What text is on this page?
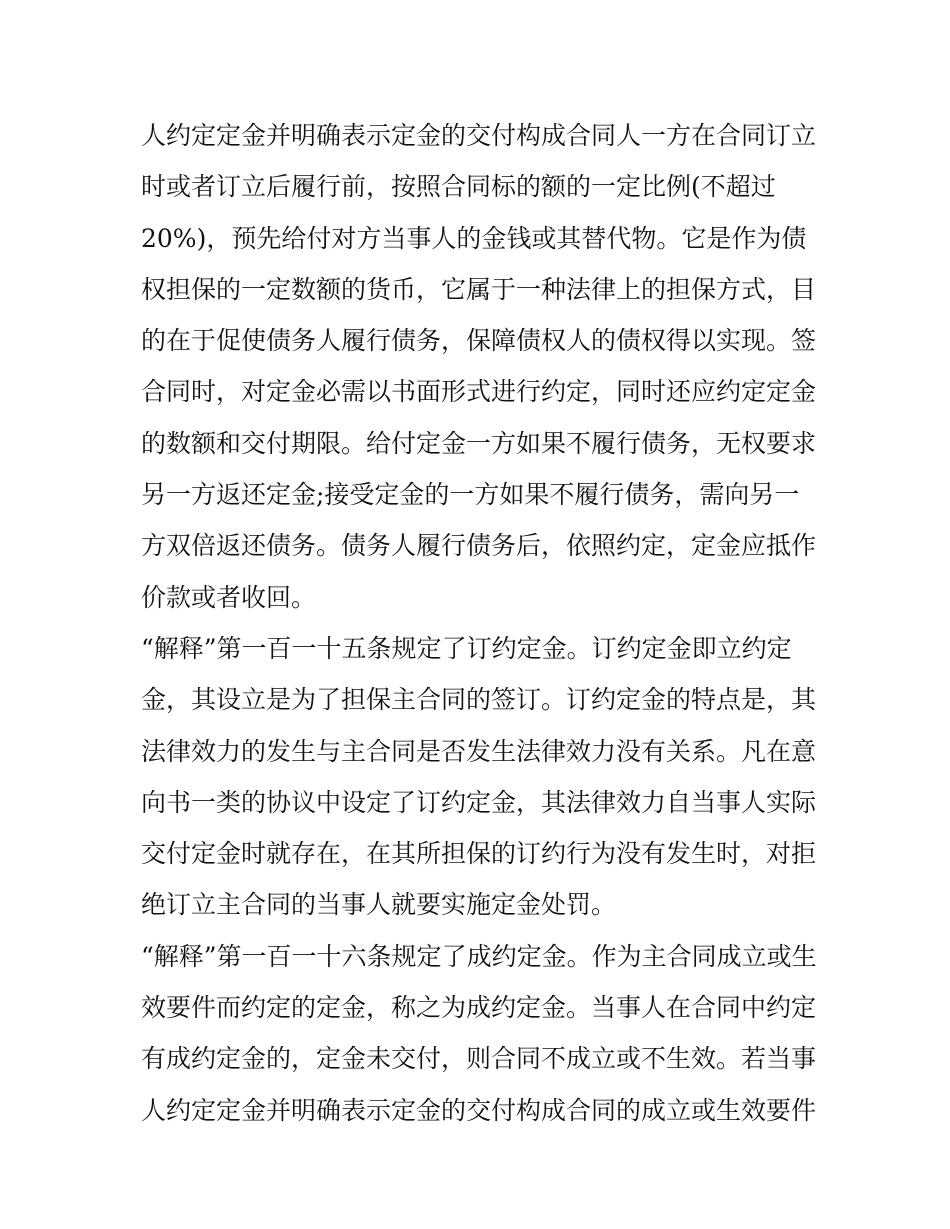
人约定定金并明确表示定金的交付构成合同人一方在合同订立
时或者订立后履行前，按照合同标的额的一定比例(不超过
20%)，预先给付对方当事人的金钱或其替代物。它是作为债
权担保的一定数额的货币，它属于一种法律上的担保方式，目
的在于促使债务人履行债务，保障债权人的债权得以实现。签
合同时，对定金必需以书面形式进行约定，同时还应约定定金
的数额和交付期限。给付定金一方如果不履行债务，无权要求
另一方返还定金;接受定金的一方如果不履行债务，需向另一
方双倍返还债务。债务人履行债务后，依照约定，定金应抵作
价款或者收回。
“解释”第一百一十五条规定了订约定金。订约定金即立约定
金，其设立是为了担保主合同的签订。订约定金的特点是，其
法律效力的发生与主合同是否发生法律效力没有关系。凡在意
向书一类的协议中设定了订约定金，其法律效力自当事人实际
交付定金时就存在，在其所担保的订约行为没有发生时，对拒
绝订立主合同的当事人就要实施定金处罚。
“解释”第一百一十六条规定了成约定金。作为主合同成立或生
效要件而约定的定金，称之为成约定金。当事人在合同中约定
有成约定金的，定金未交付，则合同不成立或不生效。若当事
人约定定金并明确表示定金的交付构成合同的成立或生效要件
